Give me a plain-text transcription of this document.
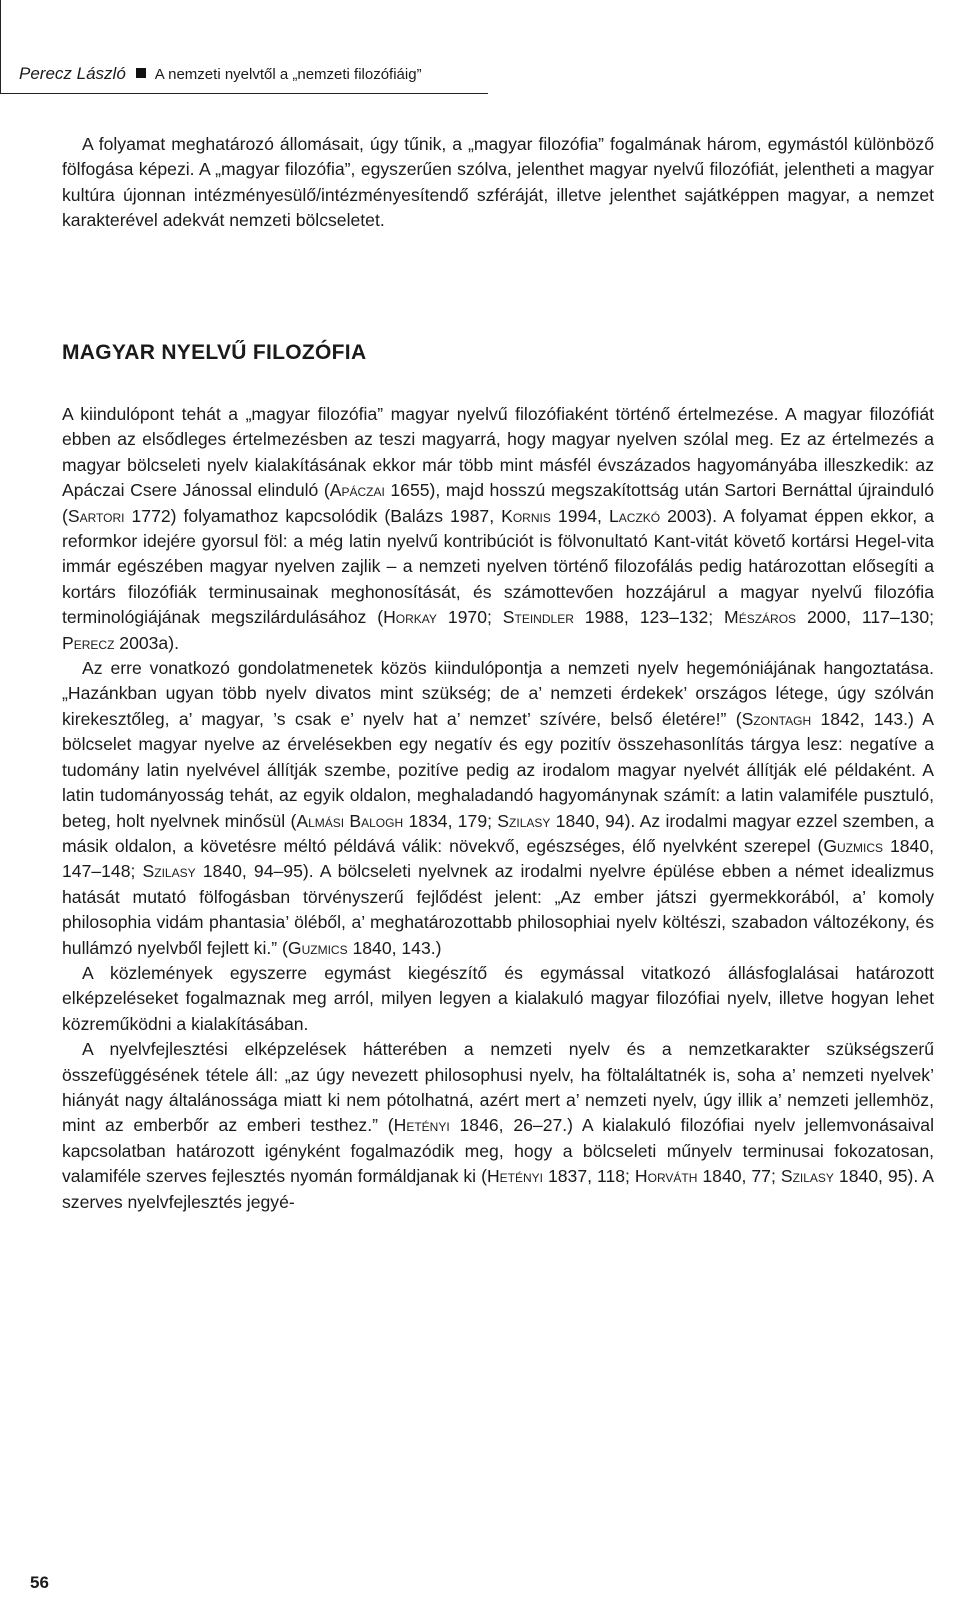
Perecz László A nemzeti nyelvtől a „nemzeti filozófiáig”

A folyamat meghatározó állomásait, úgy tűnik, a „magyar filozófia” fogalmának három, egymástól különböző fölfogása képezi. A „magyar filozófia”, egyszerűen szólva, jelenthet magyar nyelvű filozófiát, jelentheti a magyar kultúra újonnan intézményesülő/intézményesítendő szféráját, illetve jelenthet sajátképpen magyar, a nemzet karakterével adekvát nemzeti bölcseletet.

MAGYAR NYELVŰ FILOZÓFIA

A kiindulópont tehát a „magyar filozófia” magyar nyelvű filozófiaként történő értelmezése. A magyar filozófiát ebben az elsődleges értelmezésben az teszi magyarrá, hogy magyar nyelven szólal meg. Ez az értelmezés a magyar bölcseleti nyelv kialakításának ekkor már több mint másfél évszázados hagyományába illeszkedik: az Apáczai Csere Jánossal elinduló (Apáczai 1655), majd hosszú megszakítottság után Sartori Bernáttal újrainduló (Sartori 1772) folyamathoz kapcsolódik (Balázs 1987, Kornis 1994, Laczkó 2003). A folyamat éppen ekkor, a reformkor idejére gyorsul föl: a még latin nyelvű kontribúciót is fölvonultató Kant-vitát követő kortársi Hegel-vita immár egészében magyar nyelven zajlik – a nemzeti nyelven történő filozofálás pedig határozottan elősegíti a kortárs filozófiák terminusainak meghonosítását, és számottevően hozzájárul a magyar nyelvű filozófia terminológiájának megszilárdulásához (Horkay 1970; Steindler 1988, 123–132; Mészáros 2000, 117–130; Perecz 2003a).

Az erre vonatkozó gondolatmenetek közös kiindulópontja a nemzeti nyelv hegemóniájának hangoztatása. „Hazánkban ugyan több nyelv divatos mint szükség; de a’ nemzeti érdekek’ országos létege, úgy szólván kirekesztőleg, a’ magyar, ’s csak e’ nyelv hat a’ nemzet’ szívére, belső életére!” (Szontagh 1842, 143.) A bölcselet magyar nyelve az érvelésekben egy negatív és egy pozitív összehasonlítás tárgya lesz: negatíve a tudomány latin nyelvével állítják szembe, pozitíve pedig az irodalom magyar nyelvét állítják elé példaként. A latin tudományosság tehát, az egyik oldalon, meghaladandó hagyománynak számít: a latin valamiféle pusztuló, beteg, holt nyelvnek minősül (Almási Balogh 1834, 179; Szilasy 1840, 94). Az irodalmi magyar ezzel szemben, a másik oldalon, a követésre méltó példává válik: növekvő, egészséges, élő nyelvként szerepel (Guzmics 1840, 147–148; Szilasy 1840, 94–95). A bölcseleti nyelvnek az irodalmi nyelvre épülése ebben a német idealizmus hatását mutató fölfogásban törvényszerű fejlődést jelent: „Az ember játszi gyermekkorából, a’ komoly philosophia vidám phantasia’ öléből, a’ meghatározottabb philosophiai nyelv költészi, szabadon változékony, és hullámzó nyelvből fejlett ki.” (Guzmics 1840, 143.)

A közlemények egyszerre egymást kiegészítő és egymással vitatkozó állásfoglalásai határozott elképzeléseket fogalmaznak meg arról, milyen legyen a kialakuló magyar filozófiai nyelv, illetve hogyan lehet közreműködni a kialakításában.

A nyelvfejlesztési elképzelések hátterében a nemzeti nyelv és a nemzetkarakter szükségszerű összefüggésének tétele áll: „az úgy nevezett philosophusi nyelv, ha föltaláltatnék is, soha a’ nemzeti nyelvek’ hiányát nagy általánossága miatt ki nem pótolhatná, azért mert a’ nemzeti nyelv, úgy illik a’ nemzeti jellemhöz, mint az emberbőr az emberi testhez.” (Hetényi 1846, 26–27.) A kialakuló filozófiai nyelv jellemvonásaival kapcsolatban határozott igényként fogalmazódik meg, hogy a bölcseleti műnyelv terminusai fokozatosan, valamiféle szerves fejlesztés nyomán formáldjanak ki (Hetényi 1837, 118; Horváth 1840, 77; Szilasy 1840, 95). A szerves nyelvfejlesztés jegyé-

56
